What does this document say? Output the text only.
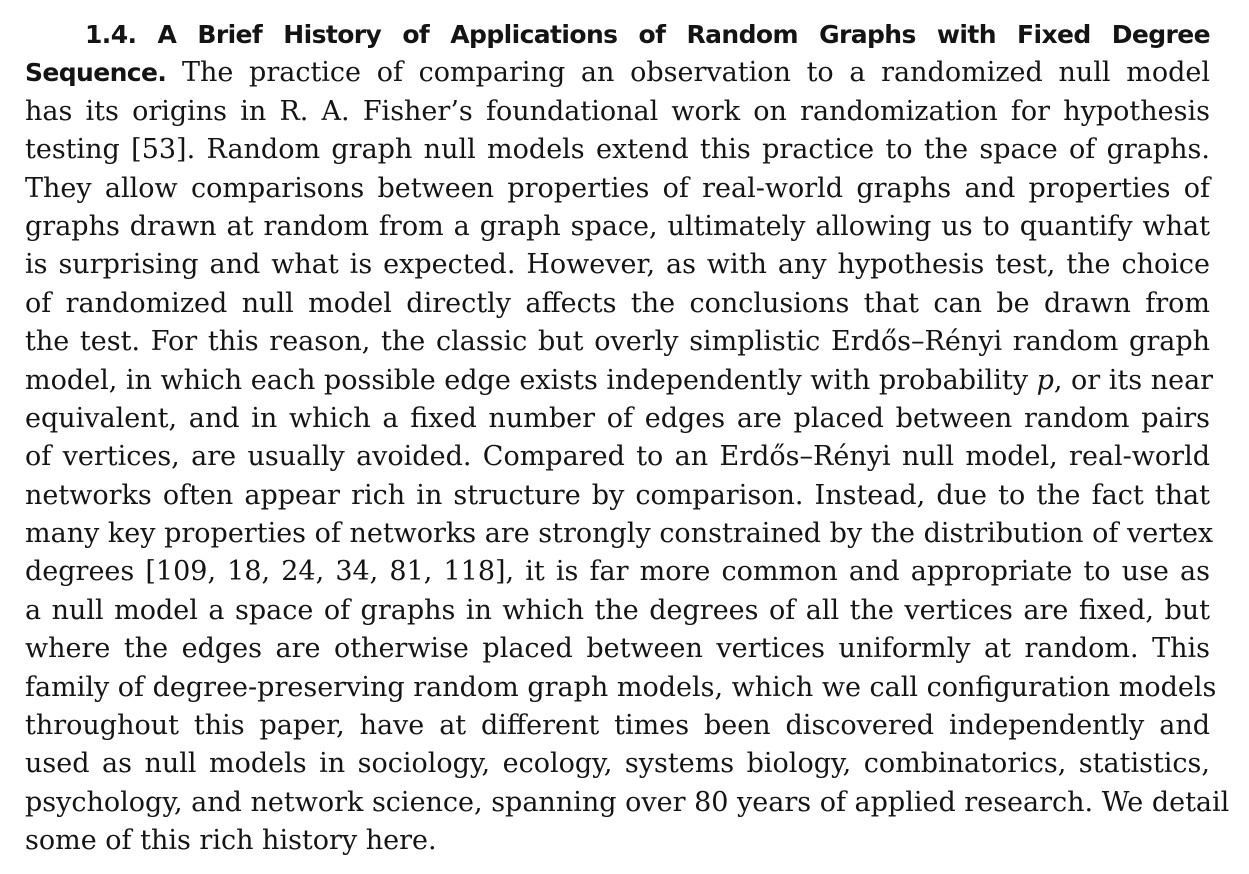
1.4. A Brief History of Applications of Random Graphs with Fixed Degree
Sequence. The practice of comparing an observation to a randomized null model
has its origins in R. A. Fisher’s foundational work on randomization for hypothesis
testing [53]. Random graph null models extend this practice to the space of graphs.
They allow comparisons between properties of real-world graphs and properties of
graphs drawn at random from a graph space, ultimately allowing us to quantify what
is surprising and what is expected. However, as with any hypothesis test, the choice
of randomized null model directly affects the conclusions that can be drawn from
the test. For this reason, the classic but overly simplistic Erdős–Rényi random graph
model, in which each possible edge exists independently with probability p, or its near
equivalent, and in which a fixed number of edges are placed between random pairs
of vertices, are usually avoided. Compared to an Erdős–Rényi null model, real-world
networks often appear rich in structure by comparison. Instead, due to the fact that
many key properties of networks are strongly constrained by the distribution of vertex
degrees [109, 18, 24, 34, 81, 118], it is far more common and appropriate to use as
a null model a space of graphs in which the degrees of all the vertices are fixed, but
where the edges are otherwise placed between vertices uniformly at random. This
family of degree-preserving random graph models, which we call configuration models
throughout this paper, have at different times been discovered independently and
used as null models in sociology, ecology, systems biology, combinatorics, statistics,
psychology, and network science, spanning over 80 years of applied research. We detail
some of this rich history here.
